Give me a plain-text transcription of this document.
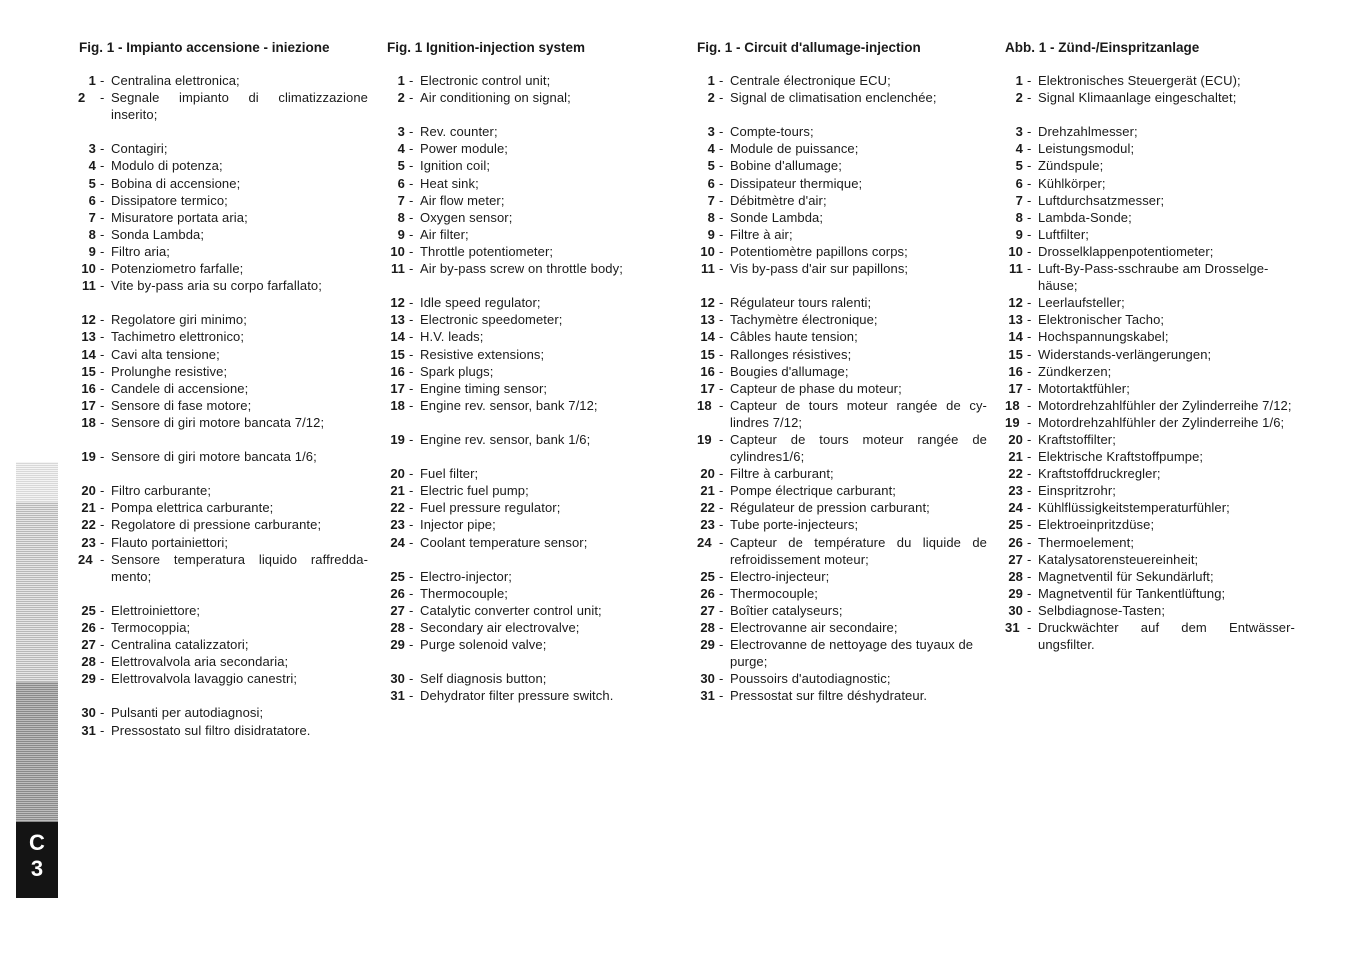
Fig. 1 - Impianto accensione - iniezione
1 - Centralina elettronica;
2	- Segnale impianto di climatizzazione inserito;
3 - Contagiri;
4 - Modulo di potenza;
5 - Bobina di accensione;
6 - Dissipatore termico;
7 - Misuratore portata aria;
8 - Sonda Lambda;
9 - Filtro aria;
10 - Potenziometro farfalle;
11 - Vite by-pass aria su corpo farfallato;
12 - Regolatore giri minimo;
13 - Tachimetro elettronico;
14 - Cavi alta tensione;
15 - Prolunghe resistive;
16 - Candele di accensione;
17 - Sensore di fase motore;
18 - Sensore di giri motore bancata 7/12;
19 - Sensore di giri motore bancata 1/6;
20 - Filtro carburante;
21 - Pompa elettrica carburante;
22 - Regolatore di pressione carburante;
23 - Flauto portainiettori;
24 - Sensore temperatura liquido raffredda-mento;
25 - Elettroiniettore;
26 - Termocoppia;
27 - Centralina catalizzatori;
28 - Elettrovalvola aria secondaria;
29 - Elettrovalvola lavaggio canestri;
30 - Pulsanti per autodiagnosi;
31 - Pressostato sul filtro disidratatore.
Fig. 1 Ignition-injection system
1 - Electronic control unit;
2 - Air conditioning on signal;
3 - Rev. counter;
4 - Power module;
5 - Ignition coil;
6 - Heat sink;
7 - Air flow meter;
8 - Oxygen sensor;
9 - Air filter;
10 - Throttle potentiometer;
11 - Air by-pass screw on throttle body;
12 - Idle speed regulator;
13 - Electronic speedometer;
14 - H.V. leads;
15 - Resistive extensions;
16 - Spark plugs;
17 - Engine timing sensor;
18 - Engine rev. sensor, bank 7/12;
19 - Engine rev. sensor, bank 1/6;
20 - Fuel filter;
21 - Electric fuel pump;
22 - Fuel pressure regulator;
23 - Injector pipe;
24 - Coolant temperature sensor;
25 - Electro-injector;
26 - Thermocouple;
27 - Catalytic converter control unit;
28 - Secondary air electrovalve;
29 - Purge solenoid valve;
30 - Self diagnosis button;
31 - Dehydrator filter pressure switch.
Fig. 1 - Circuit d'allumage-injection
1 - Centrale électronique ECU;
2 - Signal de climatisation enclenchée;
3 - Compte-tours;
4 - Module de puissance;
5 - Bobine d'allumage;
6 - Dissipateur thermique;
7 - Débitmètre d'air;
8 - Sonde Lambda;
9 - Filtre à air;
10 - Potentiomètre papillons corps;
11 - Vis by-pass d'air sur papillons;
12 - Régulateur tours ralenti;
13 - Tachymètre électronique;
14 - Câbles haute tension;
15 - Rallonges résistives;
16 - Bougies d'allumage;
17 - Capteur de phase du moteur;
18 - Capteur de tours moteur rangée de cy-lindres 7/12;
19 - Capteur de tours moteur rangée de cylindres1/6;
20 - Filtre à carburant;
21 - Pompe électrique carburant;
22 - Régulateur de pression carburant;
23 - Tube porte-injecteurs;
24 - Capteur de température du liquide de refroidissement moteur;
25 - Electro-injecteur;
26 - Thermocouple;
27 - Boîtier catalyseurs;
28 - Electrovanne air secondaire;
29 - Electrovanne de nettoyage des tuyaux de purge;
30 - Poussoirs d'autodiagnostic;
31 - Pressostat sur filtre déshydrateur.
Abb. 1 - Zünd-/Einspritzanlage
1 - Elektronisches Steuergerät (ECU);
2 - Signal Klimaanlage eingeschaltet;
3 - Drehzahlmesser;
4 - Leistungsmodul;
5 - Zündspule;
6 - Kühlkörper;
7 - Luftdurchsatzmesser;
8 - Lambda-Sonde;
9 - Luftfilter;
10 - Drosselklappenpotentiometer;
11 - Luft-By-Pass-sschraube am Drosselge-häuse;
12 - Leerlaufsteller;
13 - Elektronischer Tacho;
14 - Hochspannungskabel;
15 - Widerstands-verlängerungen;
16 - Zündkerzen;
17 - Motortaktfühler;
18 - Motordrehzahlfühler der Zylinderreihe 7/12;
19 - Motordrehzahlfühler der Zylinderreihe 1/6;
20 - Kraftstoffilter;
21 - Elektrische Kraftstoffpumpe;
22 - Kraftstoffdruckregler;
23 - Einspritzrohr;
24 - Kühlflüssigkeitstemperaturfühler;
25 - Elektroeinpritzdüse;
26 - Thermoelement;
27 - Katalysatorensteuereinheit;
28 - Magnetventil für Sekundärluft;
29 - Magnetventil für Tankentlüftung;
30 - Selbdiagnose-Tasten;
31 - Druckwächter auf dem Entwässer-ungsfilter.
C
3
